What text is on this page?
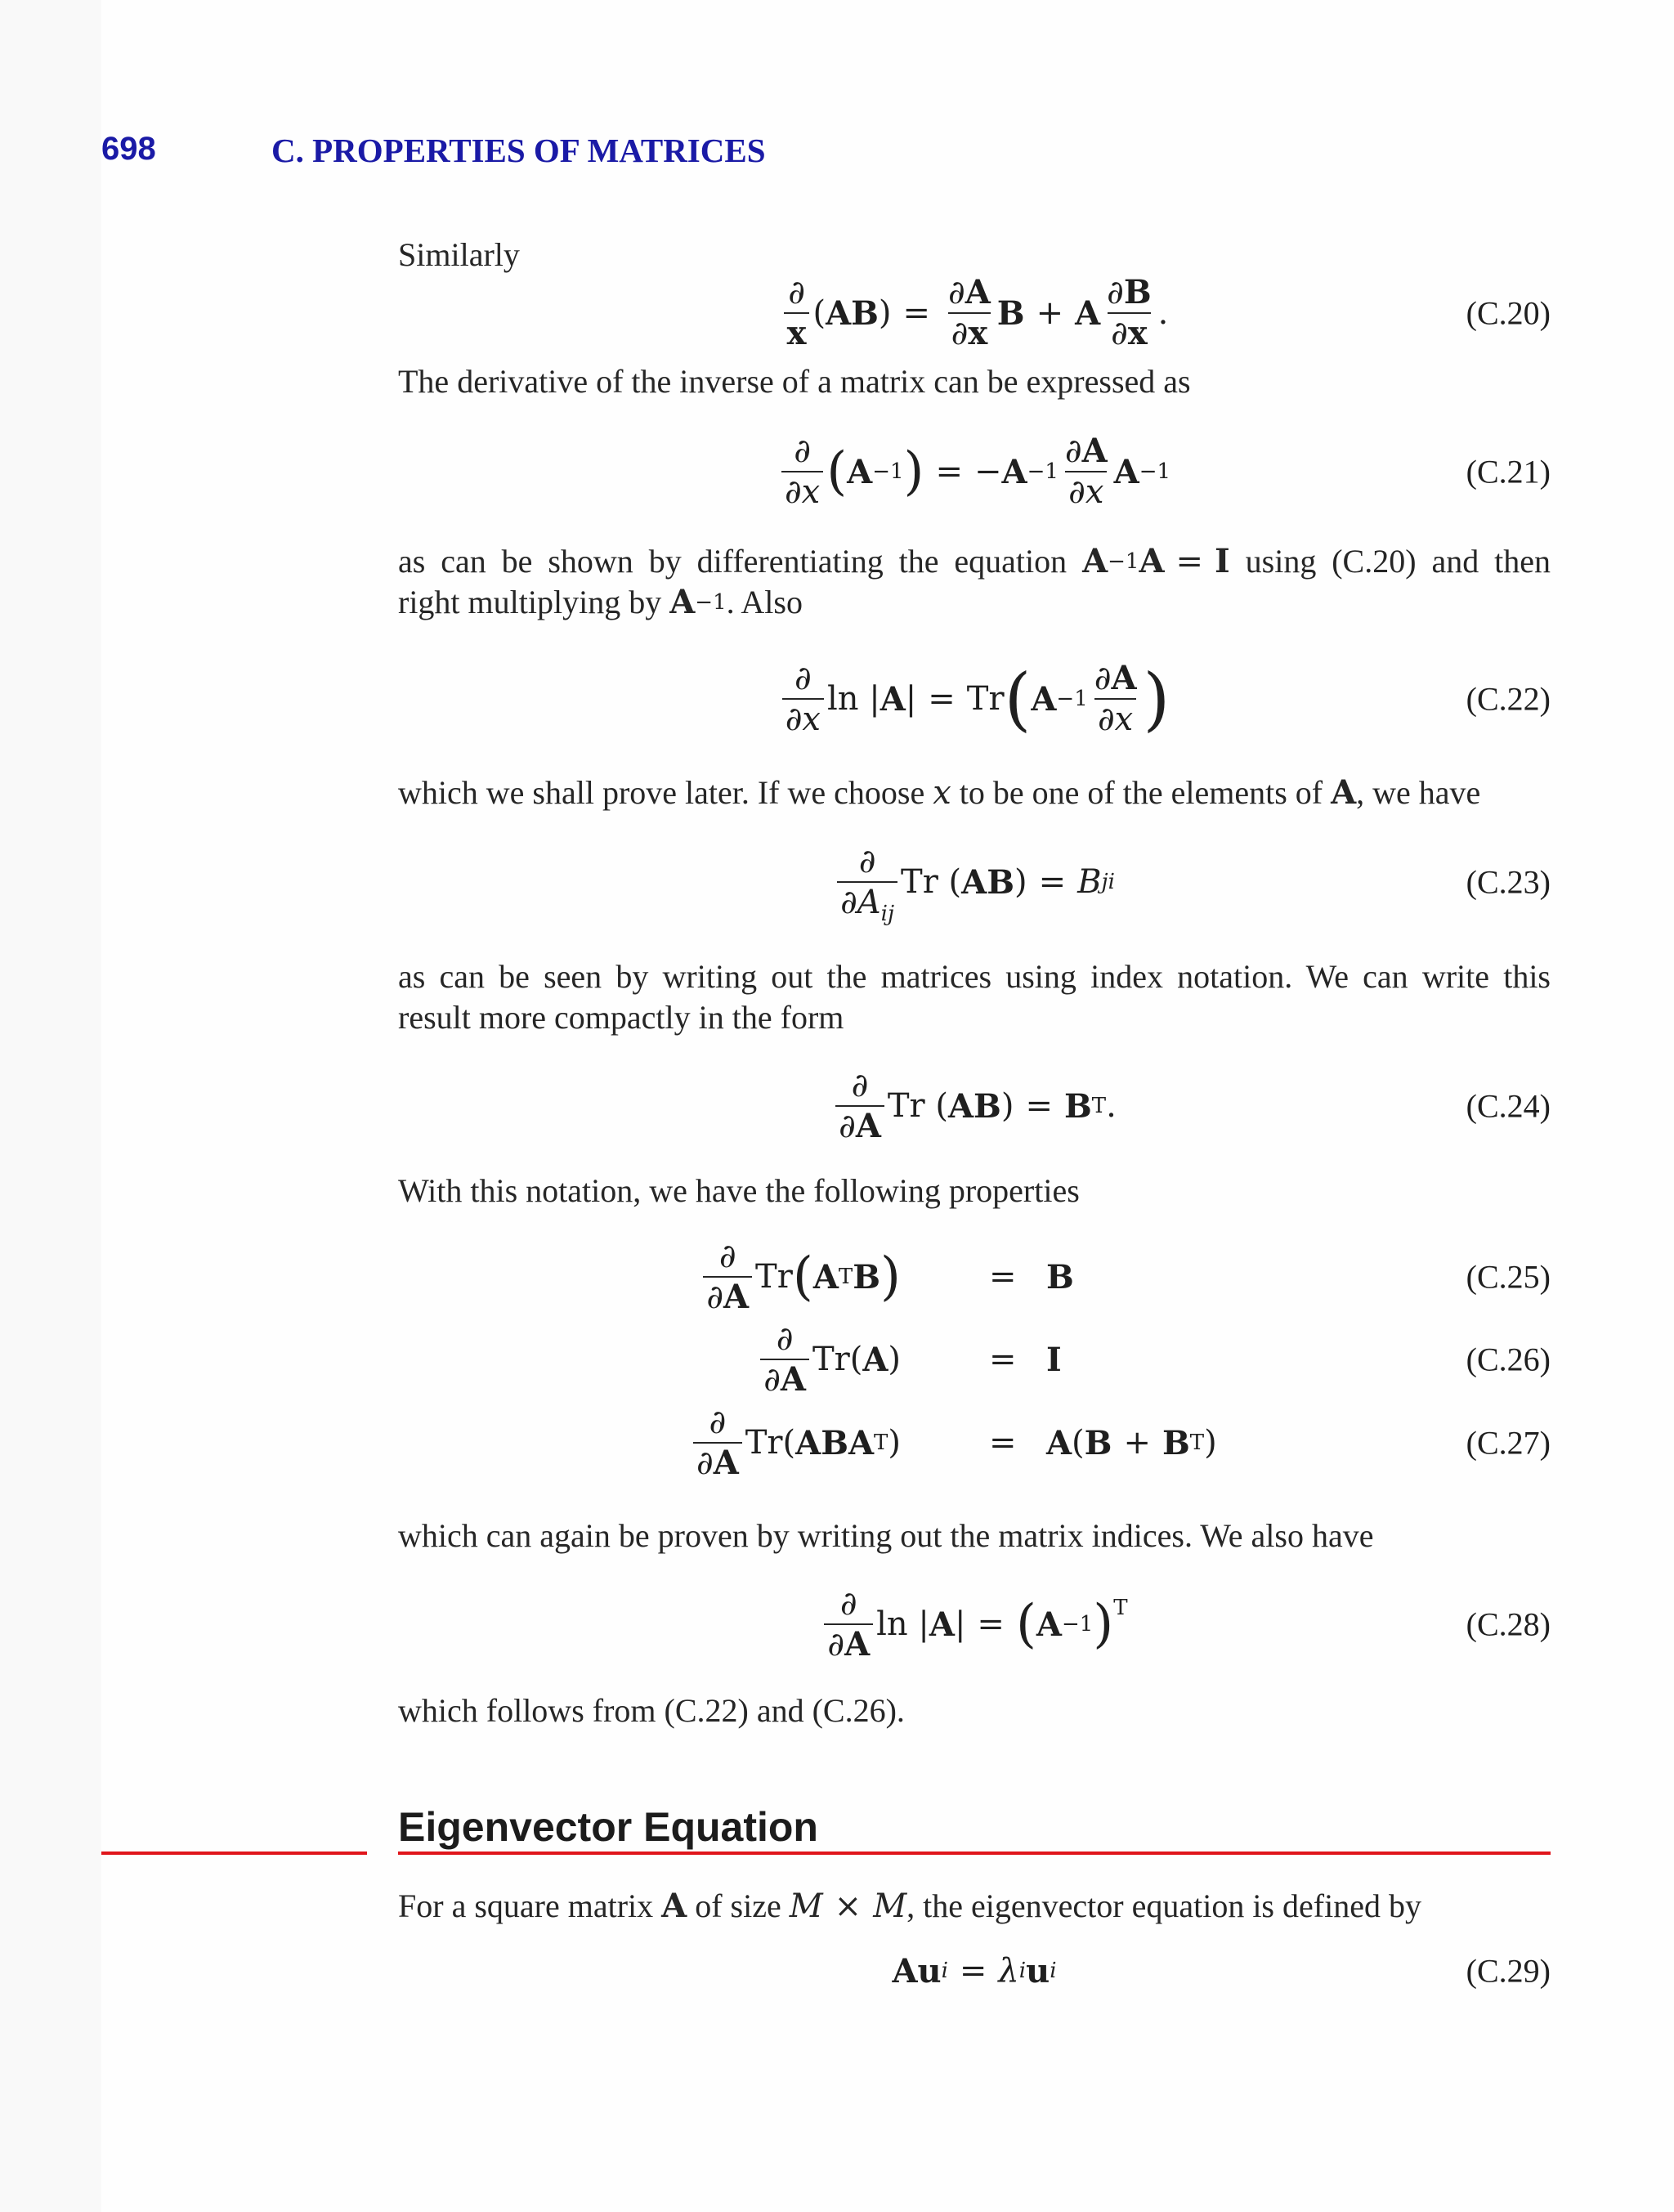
698	C. PROPERTIES OF MATRICES
Similarly
$\frac{\partial}{x}$ ( AB ) = $\frac{\partial A}{\partial x}$ B + A $\frac{\partial B}{\partial x}$ .	(C.20)
The derivative of the inverse of a matrix can be expressed as
$\frac{\partial}{\partial x}$ ( A −1 ) = − $A -1 \frac{\partial A}{\partial x}$ A −1	(C.21)
as can be shown by differentiating the equation A −1 A = I using (C.20) and then
right multiplying by A −1 . Also
$\frac{\partial}{\partial x}$ ln | A | = Tr ( $A -1 \frac{\partial A}{\partial x}$ )	(C.22)
which we shall prove later. If we choose x to be one of the elements of A, we have
$\frac{\partial}{\partial A_{ij}}$ Tr ( AB ) = B ji	(C.23)
as can be seen by writing out the matrices using index notation. We can write this
result more compactly in the form
$\frac{\partial}{\partial A}$ Tr ( AB ) = B T .	(C.24)
With this notation, we have the following properties
$\frac{\partial}{\partial A}$ Tr ( A T B )	= B	(C.25)
$\frac{\partial}{\partial A} Tr$( A )	= I	(C.26)
$\frac{\partial}{\partial A} Tr$( ABA T )	= A ( B + B T )	(C.27)
which can again be proven by writing out the matrix indices. We also have
$\frac{\partial}{\partial A}$ ln | A | = ( A −1 )$^T$	(C.28)
which follows from (C.22) and (C.26).
Eigenvector Equation
For a square matrix A of size M × M , the eigenvector equation is defined by
Au i = λ i u i	(C.29)
